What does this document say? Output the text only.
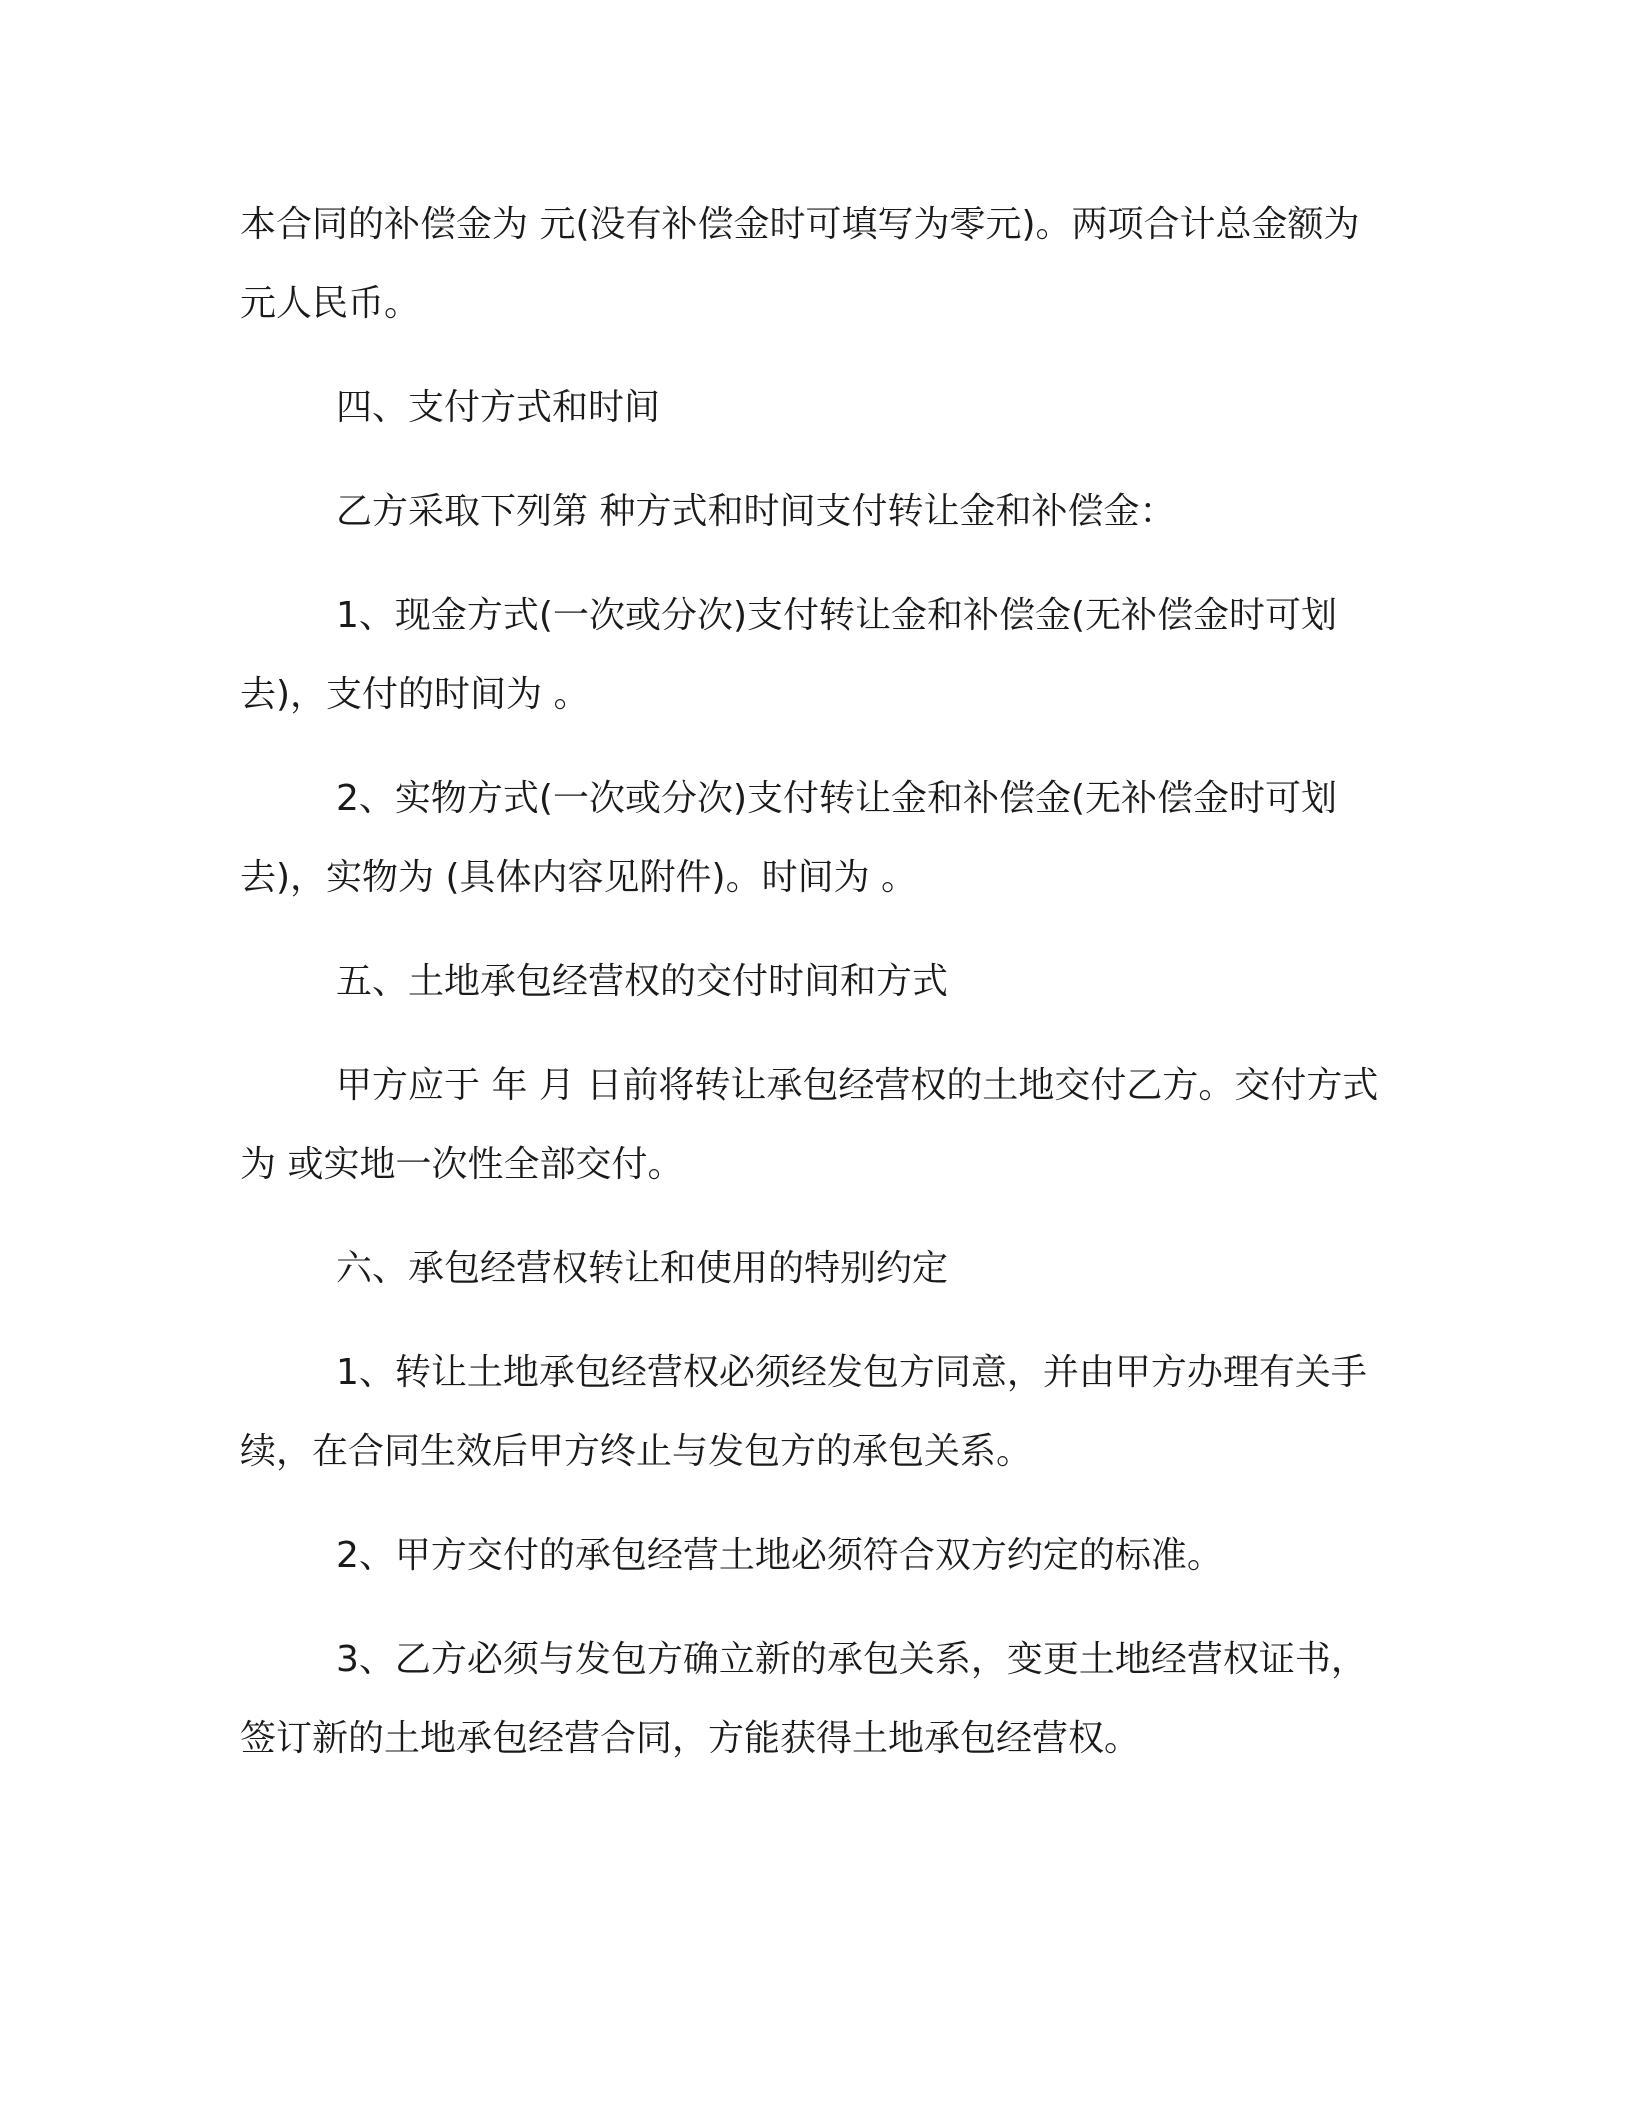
本合同的补偿金为 元(没有补偿金时可填写为零元)。两项合计总金额为 元人民币。

四、支付方式和时间

乙方采取下列第 种方式和时间支付转让金和补偿金：

1、现金方式(一次或分次)支付转让金和补偿金(无补偿金时可划去)，支付的时间为 。

2、实物方式(一次或分次)支付转让金和补偿金(无补偿金时可划去)，实物为 (具体内容见附件)。时间为 。

五、土地承包经营权的交付时间和方式

甲方应于 年 月 日前将转让承包经营权的土地交付乙方。交付方式为 或实地一次性全部交付。

六、承包经营权转让和使用的特别约定

1、转让土地承包经营权必须经发包方同意，并由甲方办理有关手续，在合同生效后甲方终止与发包方的承包关系。

2、甲方交付的承包经营土地必须符合双方约定的标准。

3、乙方必须与发包方确立新的承包关系，变更土地经营权证书，签订新的土地承包经营合同，方能获得土地承包经营权。
